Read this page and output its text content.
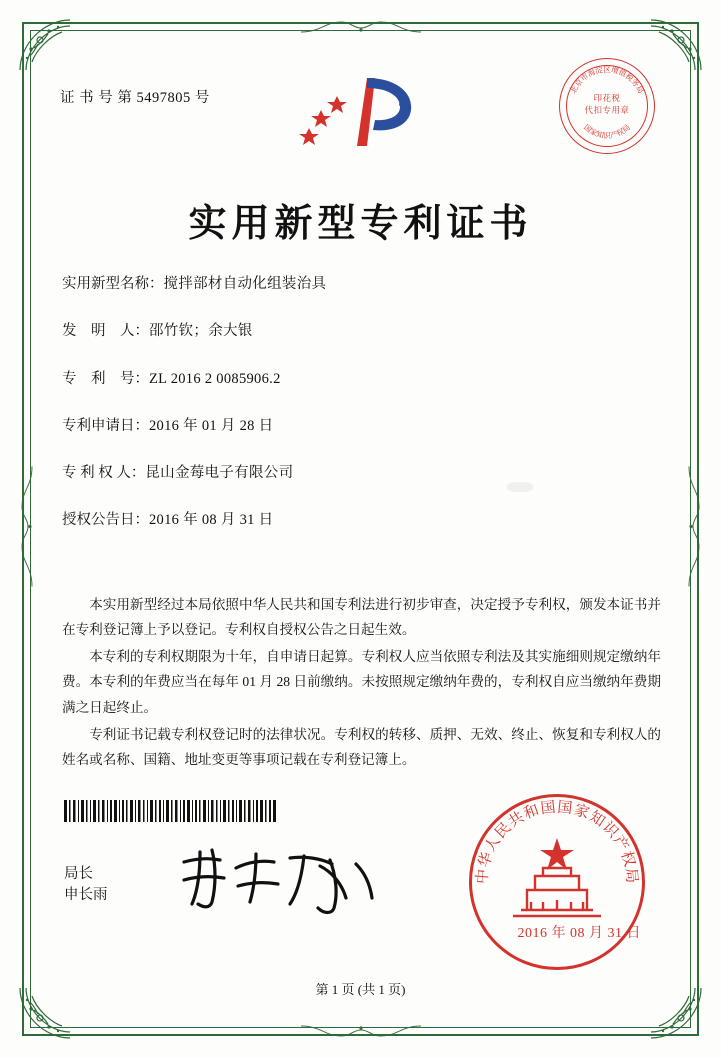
证 书 号 第 5497805 号
北京市海淀区增值税务局
国家知识产权局
印花税
代扣专用章
实用新型专利证书
实用新型名称：搅拌部材自动化组装治具
发　明　人：邵竹钦；余大银
专　利　号：ZL 2016 2 0085906.2
专利申请日：2016 年 01 月 28 日
专 利 权 人：昆山金莓电子有限公司
授权公告日：2016 年 08 月 31 日
本实用新型经过本局依照中华人民共和国专利法进行初步审查，决定授予专利权，颁发本证书并在专利登记簿上予以登记。专利权自授权公告之日起生效。
本专利的专利权期限为十年，自申请日起算。专利权人应当依照专利法及其实施细则规定缴纳年费。本专利的年费应当在每年 01 月 28 日前缴纳。未按照规定缴纳年费的，专利权自应当缴纳年费期满之日起终止。
专利证书记载专利权登记时的法律状况。专利权的转移、质押、无效、终止、恢复和专利权人的姓名或名称、国籍、地址变更等事项记载在专利登记簿上。
局长
申长雨
中华人民共和国国家知识产权局
2016 年 08 月 31 日
第 1 页 (共 1 页)
